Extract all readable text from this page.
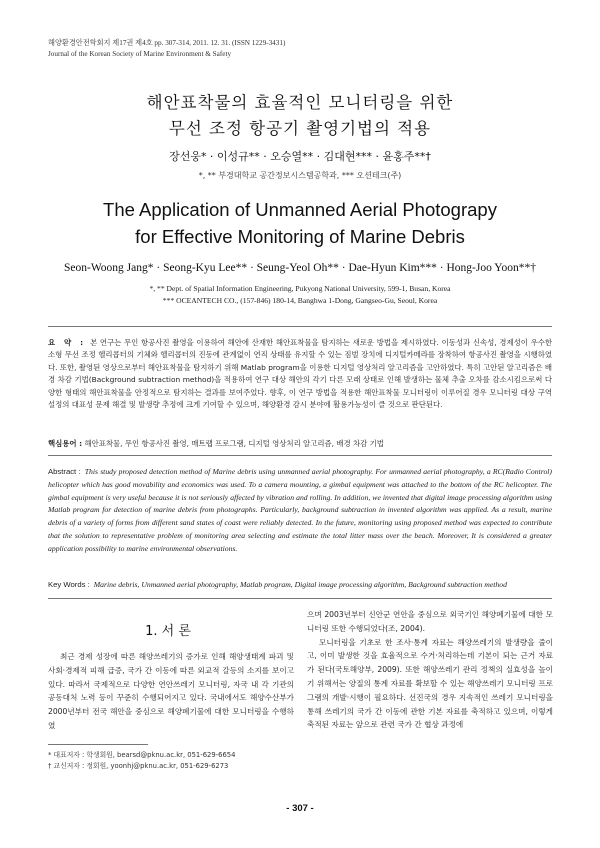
해양환경안전학회지 제17권 제4호 pp. 307-314, 2011. 12. 31. (ISSN 1229-3431)
Journal of the Korean Society of Marine Environment & Safety
해안표착물의 효율적인 모니터링을 위한
무선 조정 항공기 촬영기법의 적용
장선웅* · 이성규** · 오승열** · 김대현*** · 윤홍주**†
*, ** 부경대학교 공간정보시스템공학과, *** 오션테크(주)
The Application of Unmanned Aerial Photograpy
for Effective Monitoring of Marine Debris
Seon-Woong Jang* · Seong-Kyu Lee** · Seung-Yeol Oh** · Dae-Hyun Kim*** · Hong-Joo Yoon**†
*, ** Dept. of Spatial Information Engineering, Pukyong National University, 599-1, Busan, Korea
*** OCEANTECH CO., (157-846) 180-14, Banghwa 1-Dong, Gangseo-Gu, Seoul, Korea
요 약 : 본 연구는 무인 항공사진 촬영을 이용하여 해안에 산재한 해안표착물을 탐지하는 새로운 방법을 제시하였다. 이동성과 신속성, 경제성이 우수한 소형 무선 조정 헬리콥터의 기체와 헬리콥터의 진동에 관계없이 연직 상태를 유지할 수 있는 짐벌 장치에 디지털카메라를 장착하여 항공사진 촬영을 시행하였다. 또한, 촬영된 영상으로부터 해안표착물을 탐지하기 위해 Matlab program을 이용한 디지털 영상처리 알고리즘을 고안하였다. 특히 고안된 알고리즘은 배경 차감 기법(Background subtraction method)을 적용하여 연구 대상 해안의 각기 다른 모래 상태로 인해 발생하는 물체 추출 오차를 감소시킴으로써 다양한 형태의 해안표착물을 안정적으로 탐지하는 결과를 보여주었다. 향후, 이 연구 방법을 적용한 해안표착물 모니터링이 이루어질 경우 모니터링 대상 구역 설정의 대표성 문제 해결 및 발생량 추정에 크게 기여할 수 있으며, 해양환경 감시 분야에 활용가능성이 클 것으로 판단된다.
핵심용어 : 해안표착물, 무인 항공사진 촬영, 매트랩 프로그램, 디지털 영상처리 알고리즘, 배경 차감 기법
Abstract : This study proposed detection method of Marine debris using unmanned aerial photography. For unmanned aerial photography, a RC(Radio Control) helicopter which has good movability and economics was used. To a camera mounting, a gimbal equipment was attached to the bottom of the RC helicopter. The gimbal equipment is very useful because it is not seriously affected by vibration and rolling. In addition, we invented that digital image processing algorithm using Matlab program for detection of marine debris from photographs. Particularly, background subtraction in invented algorithm was applied. As a result, marine debris of a variety of forms from different sand states of coast were reliably detected. In the future, monitoring using proposed method was expected to contribute that the solution to representative problem of monitoring area selecting and estimate the total litter mass over the beach. Moreover, It is considered a greater application possibility to marine environmental observations.
Key Words : Marine debris, Unmanned aerial photography, Matlab program, Digital image processing algorithm, Background subtraction method
1. 서 론

최근 경제 성장에 따른 해양쓰레기의 증가로 인해 해양생태계 파괴 및 사회·경제적 피해 급증, 국가 간 이동에 따른 외교적 갈등의 소지를 보이고 있다. 따라서 국제적으로 다양한 연안쓰레기 모니터링, 자국 내 각 기관의 공동대처 노력 등이 꾸준히 수행되어지고 있다. 국내에서도 해양수산부가 2000년부터 전국 해안을 중심으로 해양폐기물에 대한 모니터링을 수행하였

으며 2003년부터 신안군 연안을 중심으로 외국기인 해양폐기물에 대한 모니터링 또한 수행되었다(조, 2004).

모니터링을 기초로 한 조사·통계 자료는 해양쓰레기의 발생량을 줄이고, 이미 발생한 것을 효율적으로 수거·처리하는데 기본이 되는 근거 자료가 된다(국토해양부, 2009). 또한 해양쓰레기 관리 정책의 실효성을 높이기 위해서는 양질의 통계 자료를 확보할 수 있는 해양쓰레기 모니터링 프로그램의 개발·시행이 필요하다. 선진국의 경우 지속적인 쓰레기 모니터링을 통해 쓰레기의 국가 간 이동에 관한 기본 자료를 축적하고 있으며, 이렇게 축적된 자료는 앞으로 관련 국가 간 협상 과정에

* 대표저자 : 학생회원, bearsd@pknu.ac.kr, 051-629-6654
† 교신저자 : 정회원, yoonhj@pknu.ac.kr, 051-629-6273
- 307 -
